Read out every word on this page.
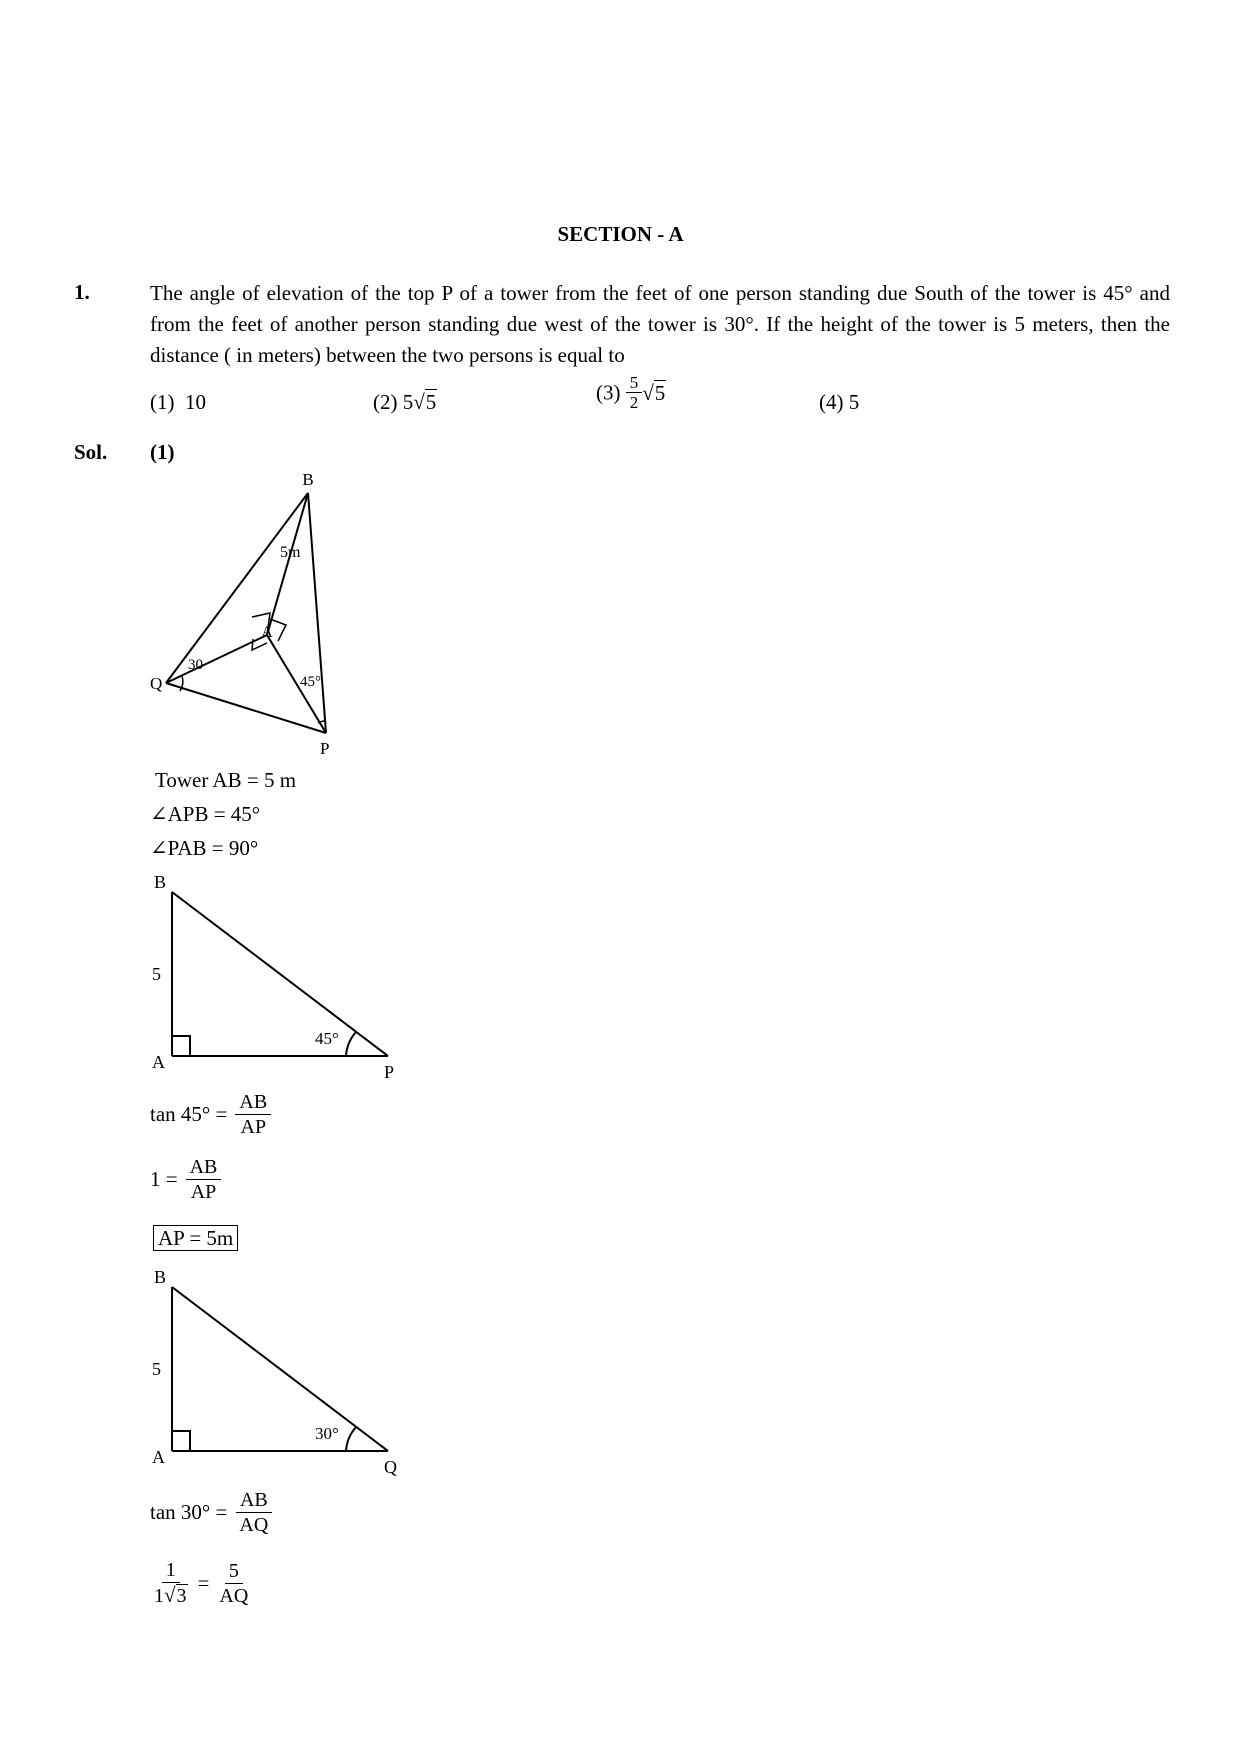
SECTION - A
1.	The angle of elevation of the top P of a tower from the feet of one person standing due South of the tower is 45° and from the feet of another person standing due west of the tower is 30°. If the height of the tower is 5 meters, then the distance ( in meters) between the two persons is equal to
(1) 10	(2) 5√5	$(3) \frac{5}{2} √5$	(4) 5
Sol. (1)
B
A
Q
P
5m
30
45°
Tower AB = 5 m
∠APB = 45°
∠PAB = 90°
B
A	P
5
45°
$\tan 45^\circ = \frac{AB}{AP}$
$1 = \frac{AB}{AP}$
AP = 5m
B
A	Q
5
30°
$\tan 30^\circ = \frac{AB}{AQ}$
$\frac{1}{1√3} = \frac{5}{AQ}$
